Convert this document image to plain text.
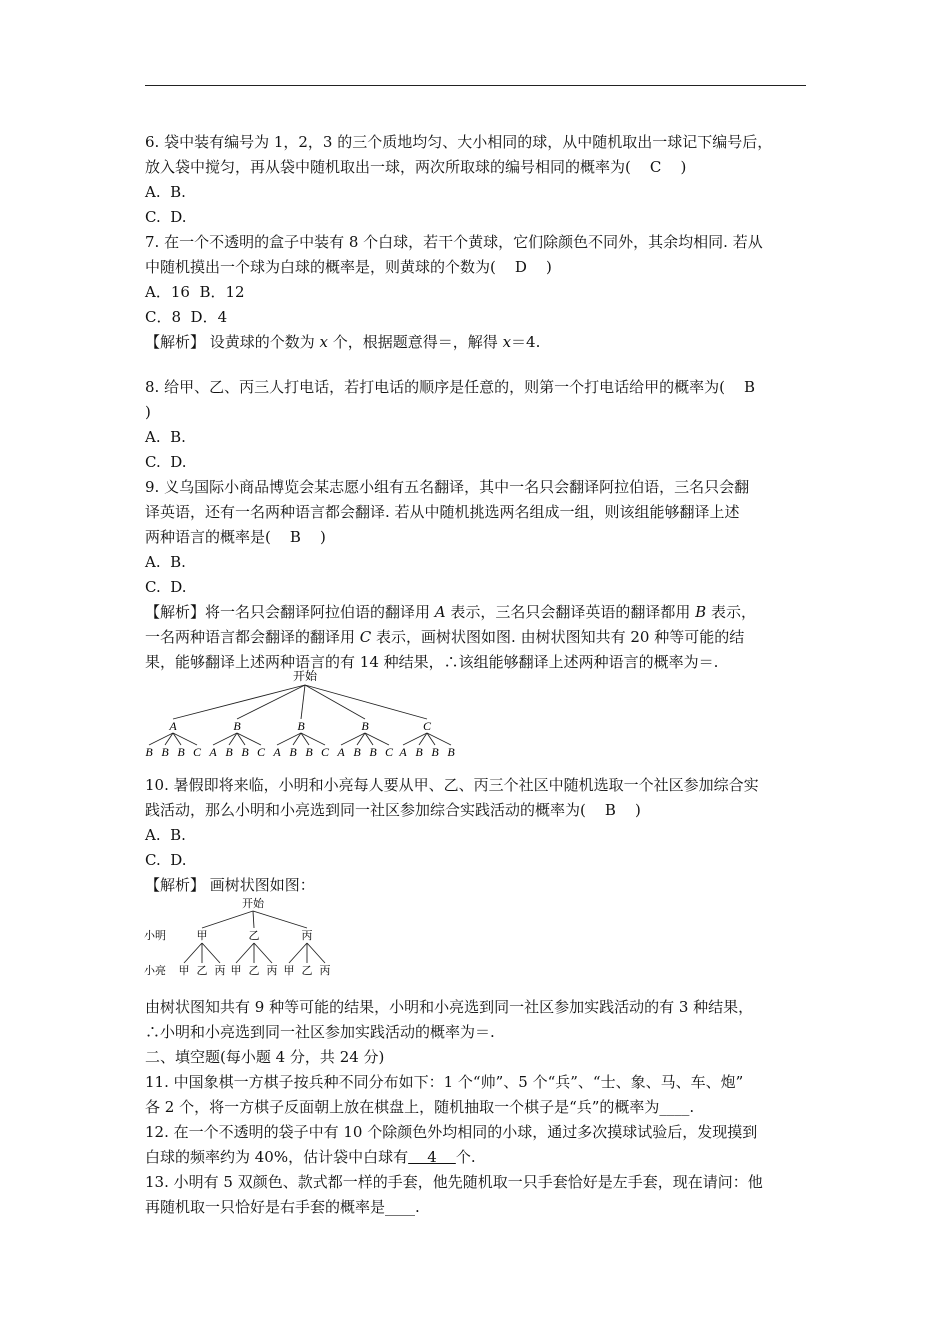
6. 袋中装有编号为 1，2，3 的三个质地均匀、大小相同的球，从中随机取出一球记下编号后，
放入袋中搅匀，再从袋中随机取出一球，两次所取球的编号相同的概率为(    C    )
A.  B.
C.  D.
7. 在一个不透明的盒子中装有 8 个白球，若干个黄球，它们除颜色不同外，其余均相同. 若从
中随机摸出一个球为白球的概率是，则黄球的个数为(    D    )
A．16  B．12
C．8  D．4
【解析】 设黄球的个数为 x 个，根据题意得＝，解得 x＝4.
8. 给甲、乙、丙三人打电话，若打电话的顺序是任意的，则第一个打电话给甲的概率为(    B
)
A.  B.
C.  D.
9. 义乌国际小商品博览会某志愿小组有五名翻译，其中一名只会翻译阿拉伯语，三名只会翻
译英语，还有一名两种语言都会翻译. 若从中随机挑选两名组成一组，则该组能够翻译上述
两种语言的概率是(    B    )
A.  B.
C.  D.
【解析】将一名只会翻译阿拉伯语的翻译用 A 表示，三名只会翻译英语的翻译都用 B 表示，
一名两种语言都会翻译的翻译用 C 表示，画树状图如图. 由树状图知共有 20 种等可能的结
果，能够翻译上述两种语言的有 14 种结果，∴该组能够翻译上述两种语言的概率为＝.
10. 暑假即将来临，小明和小亮每人要从甲、乙、丙三个社区中随机选取一个社区参加综合实
践活动，那么小明和小亮选到同一社区参加综合实践活动的概率为(    B    )
A.  B.
C.  D.
【解析】 画树状图如图：
由树状图知共有 9 种等可能的结果，小明和小亮选到同一社区参加实践活动的有 3 种结果，
∴小明和小亮选到同一社区参加实践活动的概率为＝.
二、填空题(每小题 4 分，共 24 分)
11. 中国象棋一方棋子按兵种不同分布如下：1 个“帅”、5 个“兵”、“士、象、马、车、炮”
各 2 个，将一方棋子反面朝上放在棋盘上，随机抽取一个棋子是“兵”的概率为____.
12. 在一个不透明的袋子中有 10 个除颜色外均相同的小球，通过多次摸球试验后，发现摸到
白球的频率约为 40%，估计袋中白球有    4    个.
13. 小明有 5 双颜色、款式都一样的手套，他先随机取一只手套恰好是左手套，现在请问：他
再随机取一只恰好是右手套的概率是____.
开始
A
B B B C
B
A B B C
B
A B B C
B
A B B C
C
A B B B
开始
小明
小亮
甲
甲 乙 丙
乙
甲 乙 丙
丙
甲 乙 丙
